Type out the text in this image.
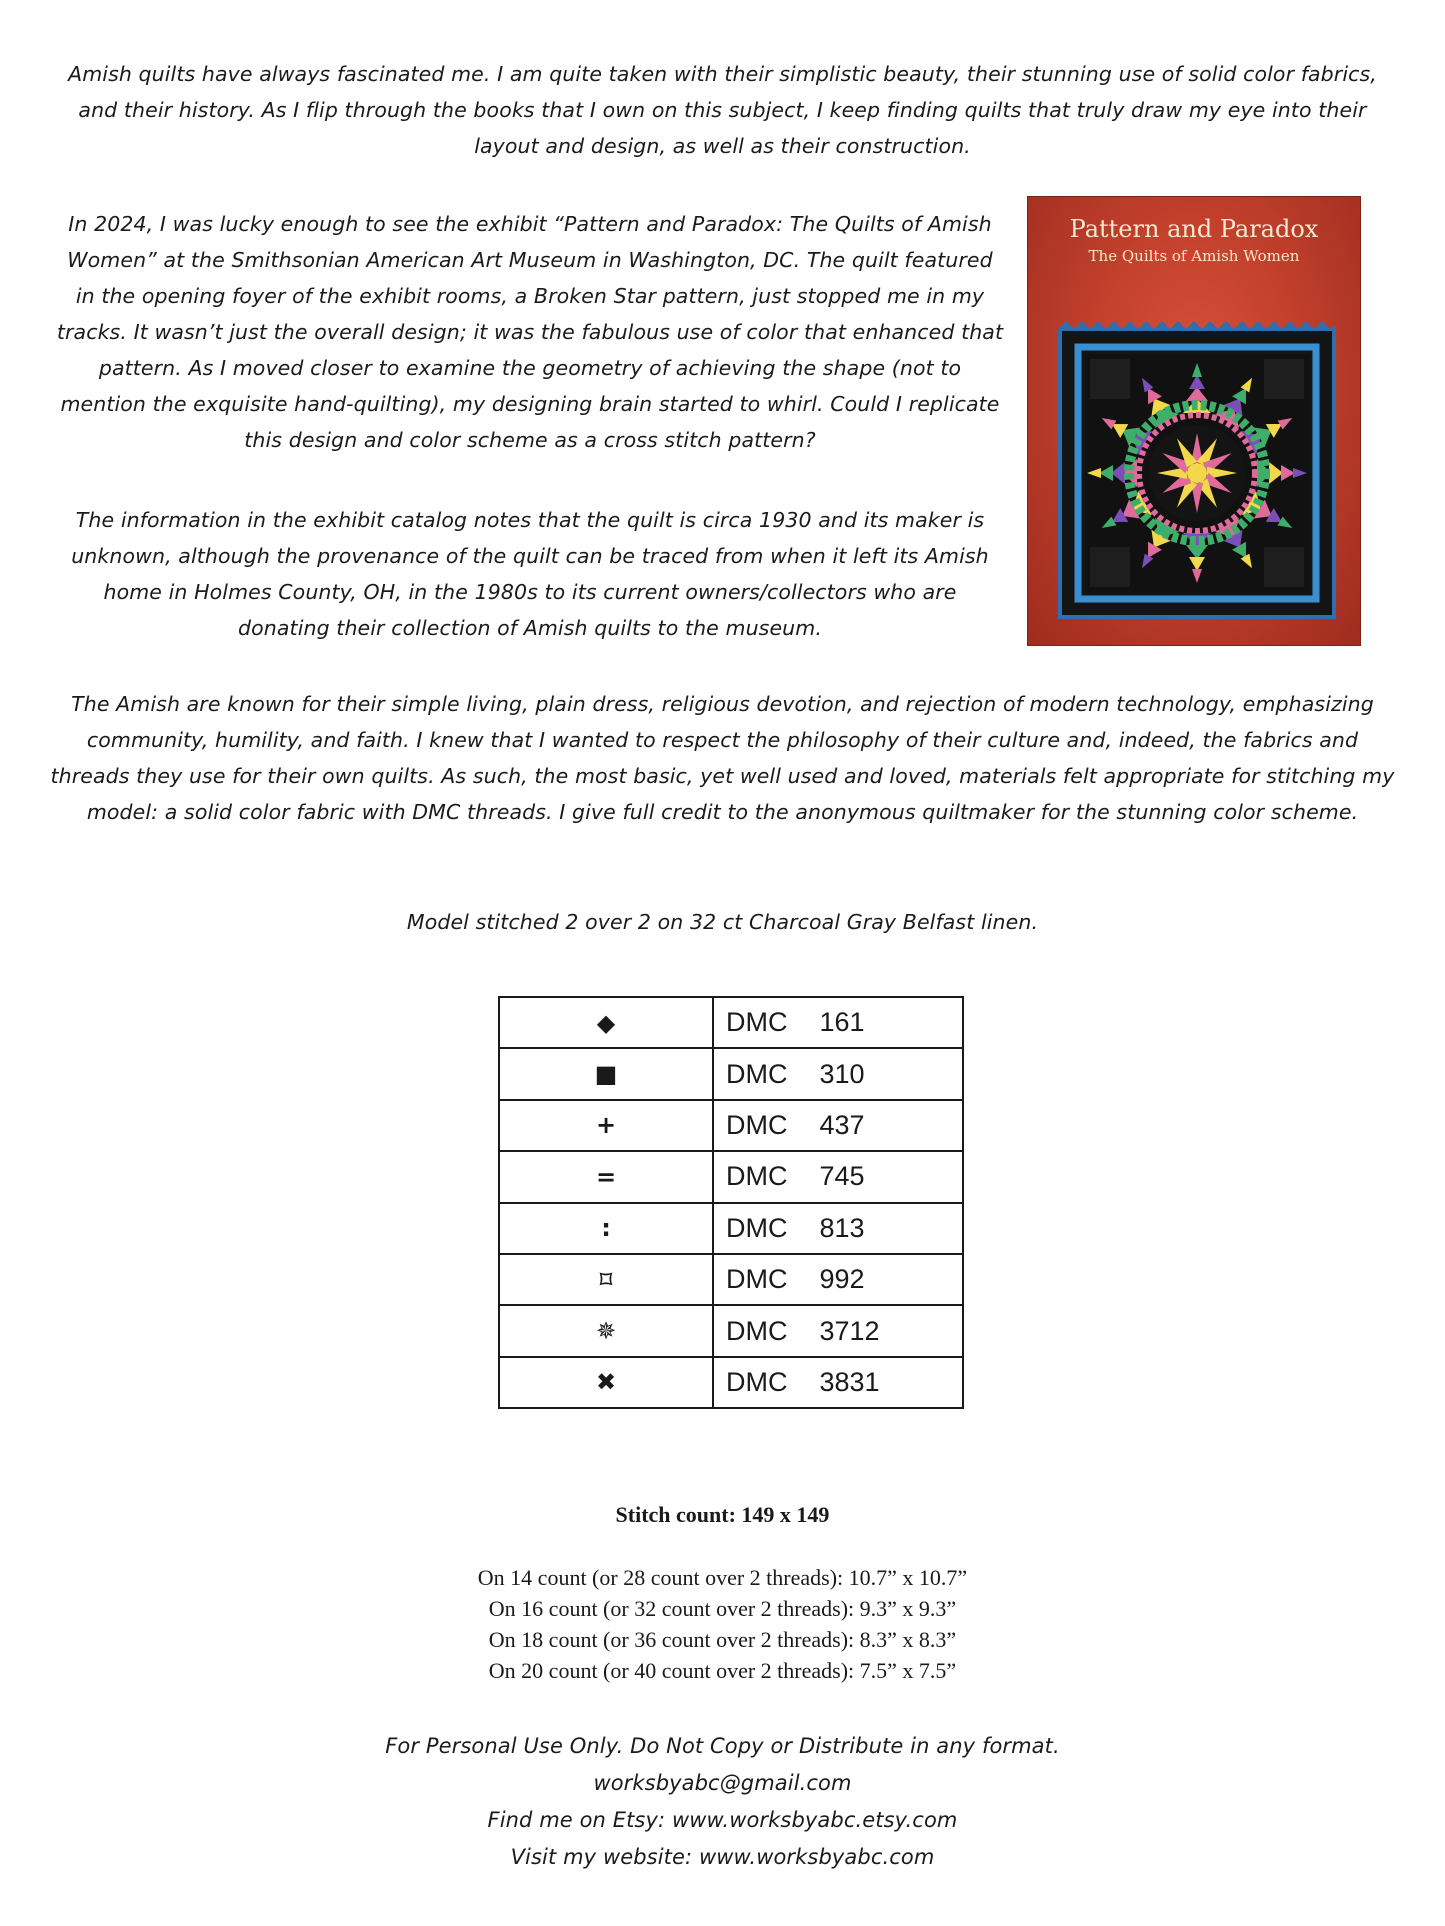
Amish quilts have always fascinated me. I am quite taken with their simplistic beauty, their stunning use of solid color fabrics, and their history. As I flip through the books that I own on this subject, I keep finding quilts that truly draw my eye into their layout and design, as well as their construction.

In 2024, I was lucky enough to see the exhibit “Pattern and Paradox: The Quilts of Amish Women” at the Smithsonian American Art Museum in Washington, DC. The quilt featured in the opening foyer of the exhibit rooms, a Broken Star pattern, just stopped me in my tracks. It wasn’t just the overall design; it was the fabulous use of color that enhanced that pattern. As I moved closer to examine the geometry of achieving the shape (not to mention the exquisite hand-quilting), my designing brain started to whirl. Could I replicate this design and color scheme as a cross stitch pattern?

The information in the exhibit catalog notes that the quilt is circa 1930 and its maker is unknown, although the provenance of the quilt can be traced from when it left its Amish home in Holmes County, OH, in the 1980s to its current owners/collectors who are donating their collection of Amish quilts to the museum.

The Amish are known for their simple living, plain dress, religious devotion, and rejection of modern technology, emphasizing community, humility, and faith. I knew that I wanted to respect the philosophy of their culture and, indeed, the fabrics and threads they use for their own quilts. As such, the most basic, yet well used and loved, materials felt appropriate for stitching my model: a solid color fabric with DMC threads. I give full credit to the anonymous quiltmaker for the stunning color scheme.

Model stitched 2 over 2 on 32 ct Charcoal Gray Belfast linen.

Pattern and Paradox
The Quilts of Amish Women
◆	DMC 161
■	DMC 310
+	DMC 437
=	DMC 745
:	DMC 813
⌑	DMC 992
✵	DMC 3712
✖	DMC 3831
Stitch count: 149 x 149
On 14 count (or 28 count over 2 threads): 10.7” x 10.7”
On 16 count (or 32 count over 2 threads): 9.3” x 9.3”
On 18 count (or 36 count over 2 threads): 8.3” x 8.3”
On 20 count (or 40 count over 2 threads): 7.5” x 7.5”
For Personal Use Only. Do Not Copy or Distribute in any format.
worksbyabc@gmail.com
Find me on Etsy: www.worksbyabc.etsy.com
Visit my website: www.worksbyabc.com
